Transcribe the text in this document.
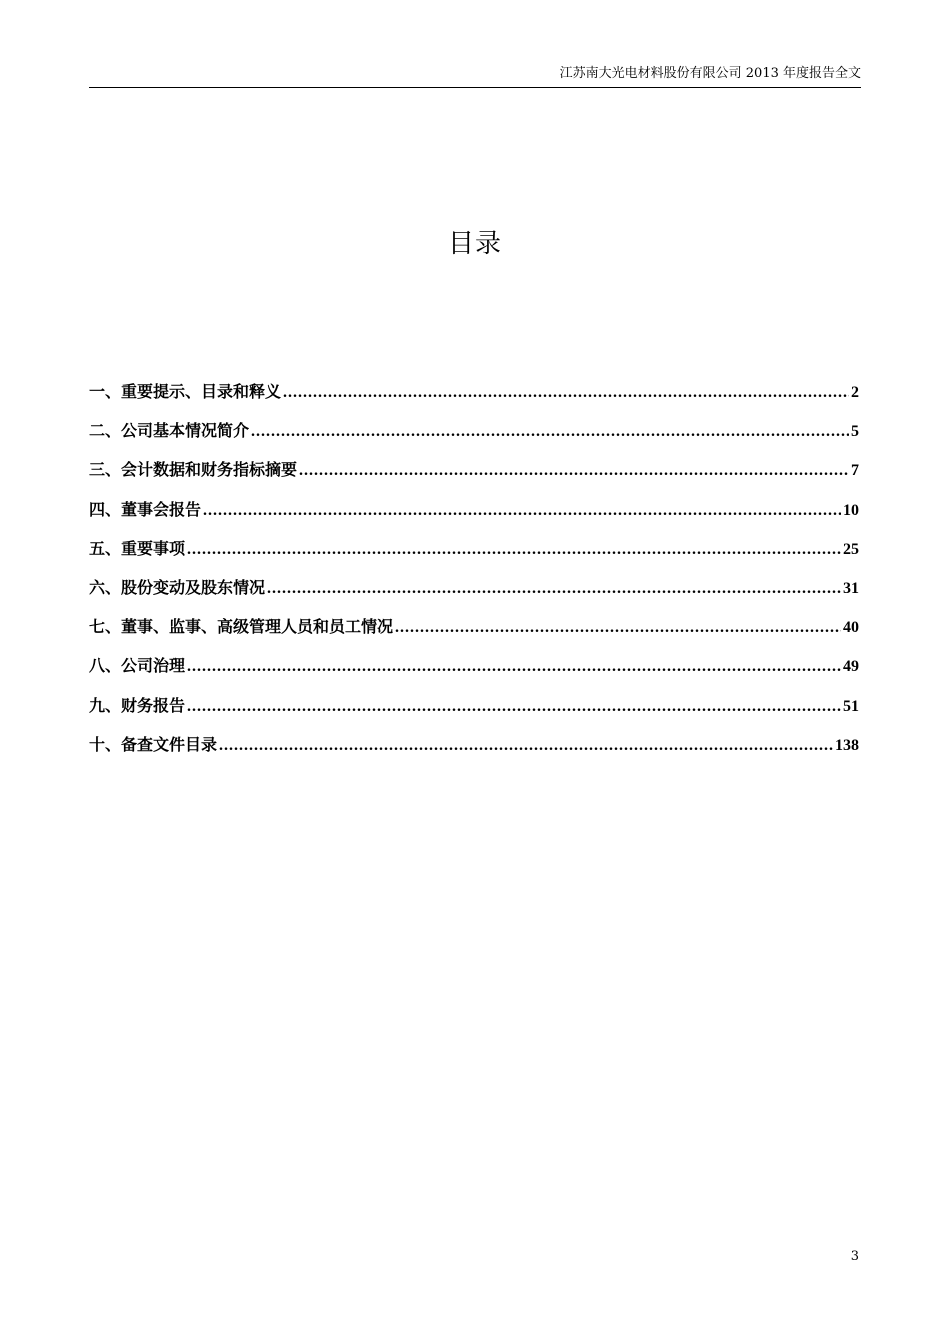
江苏南大光电材料股份有限公司 2013 年度报告全文
目录
一、重要提示、目录和释义 .....	2
二、公司基本情况简介 .....	5
三、会计数据和财务指标摘要 .....	7
四、董事会报告 .....	10
五、重要事项 .....	25
六、股份变动及股东情况 .....	31
七、董事、监事、高级管理人员和员工情况 .....	40
八、公司治理 .....	49
九、财务报告 .....	51
十、备查文件目录 .....	138
3
